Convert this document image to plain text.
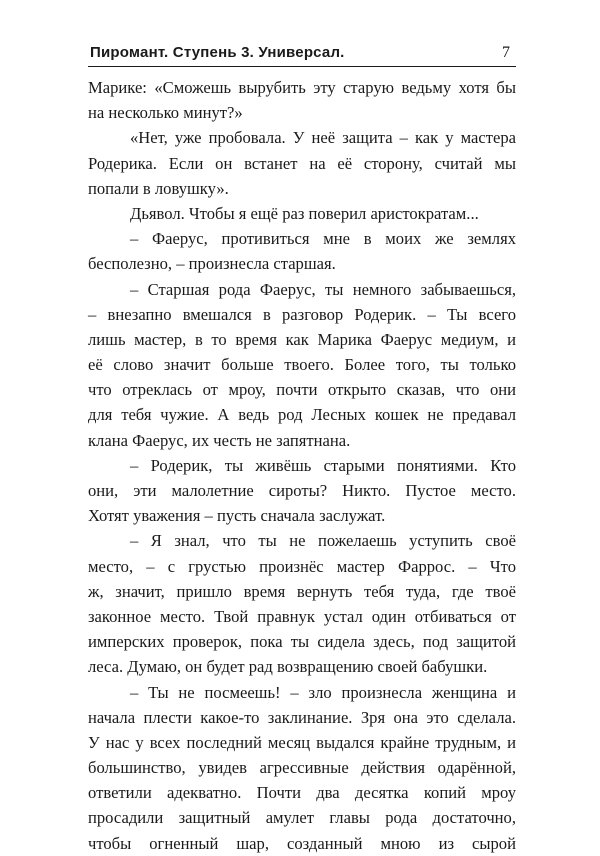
Пиромант. Ступень 3. Универсал.	7
Марике: «Сможешь вырубить эту старую ведьму хотя бы
на несколько минут?»
«Нет, уже пробовала. У неё защита – как у мастера
Родерика. Если он встанет на её сторону, считай мы
попали в ловушку».
Дьявол. Чтобы я ещё раз поверил аристократам...
– Фаерус, противиться мне в моих же землях
бесполезно, – произнесла старшая.
– Старшая рода Фаерус, ты немного забываешься,
– внезапно вмешался в разговор Родерик. – Ты всего
лишь мастер, в то время как Марика Фаерус медиум, и
её слово значит больше твоего. Более того, ты только
что отреклась от мроу, почти открыто сказав, что они
для тебя чужие. А ведь род Лесных кошек не предавал
клана Фаерус, их честь не запятнана.
– Родерик, ты живёшь старыми понятиями. Кто
они, эти малолетние сироты? Никто. Пустое место.
Хотят уважения – пусть сначала заслужат.
– Я знал, что ты не пожелаешь уступить своё
место, – с грустью произнёс мастер Фаррос. – Что
ж, значит, пришло время вернуть тебя туда, где твоё
законное место. Твой правнук устал один отбиваться от
имперских проверок, пока ты сидела здесь, под защитой
леса. Думаю, он будет рад возвращению своей бабушки.
– Ты не посмеешь! – зло произнесла женщина и
начала плести какое-то заклинание. Зря она это сделала.
У нас у всех последний месяц выдался крайне трудным, и
большинство, увидев агрессивные действия одарённой,
ответили адекватно. Почти два десятка копий мроу
просадили защитный амулет главы рода достаточно,
чтобы огненный шар, созданный мною из сырой
